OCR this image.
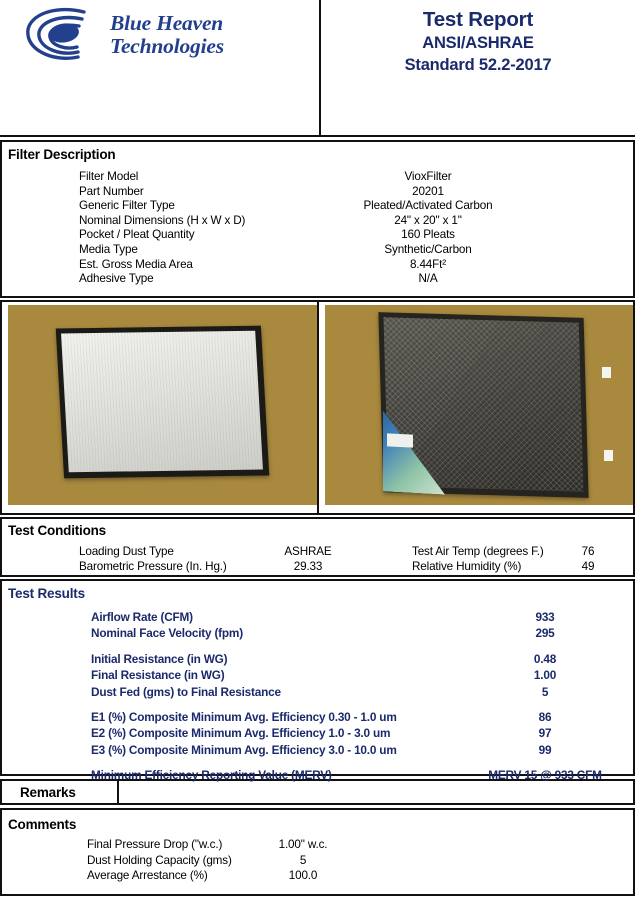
Blue Heaven
Technologies
Test Report
ANSI/ASHRAE
Standard 52.2-2017
Filter Description
Filter Model	VioxFilter
Part Number	20201
Generic Filter Type	Pleated/Activated Carbon
Nominal Dimensions (H x W x D)	24" x 20" x 1"
Pocket / Pleat Quantity	160 Pleats
Media Type	Synthetic/Carbon
Est. Gross Media Area	8.44Ft²
Adhesive Type	N/A
Test Conditions
Loading Dust Type	ASHRAE	Test Air Temp (degrees F.)	76
Barometric Pressure (In. Hg.)	29.33	Relative Humidity (%)	49
Test Results
Airflow Rate (CFM)	933
Nominal Face Velocity (fpm)	295
Initial Resistance (in WG)	0.48
Final Resistance (in WG)	1.00
Dust Fed (gms) to Final Resistance	5
E1 (%) Composite Minimum Avg. Efficiency 0.30 - 1.0 um	86
E2 (%) Composite Minimum Avg. Efficiency 1.0 - 3.0 um	97
E3 (%) Composite Minimum Avg. Efficiency 3.0 - 10.0 um	99
Minimum Efficiency Reporting Value (MERV)	MERV 15 @ 933 CFM
Remarks
Comments
Final Pressure Drop ("w.c.)	1.00" w.c.
Dust Holding Capacity (gms)	5
Average Arrestance (%)	100.0
